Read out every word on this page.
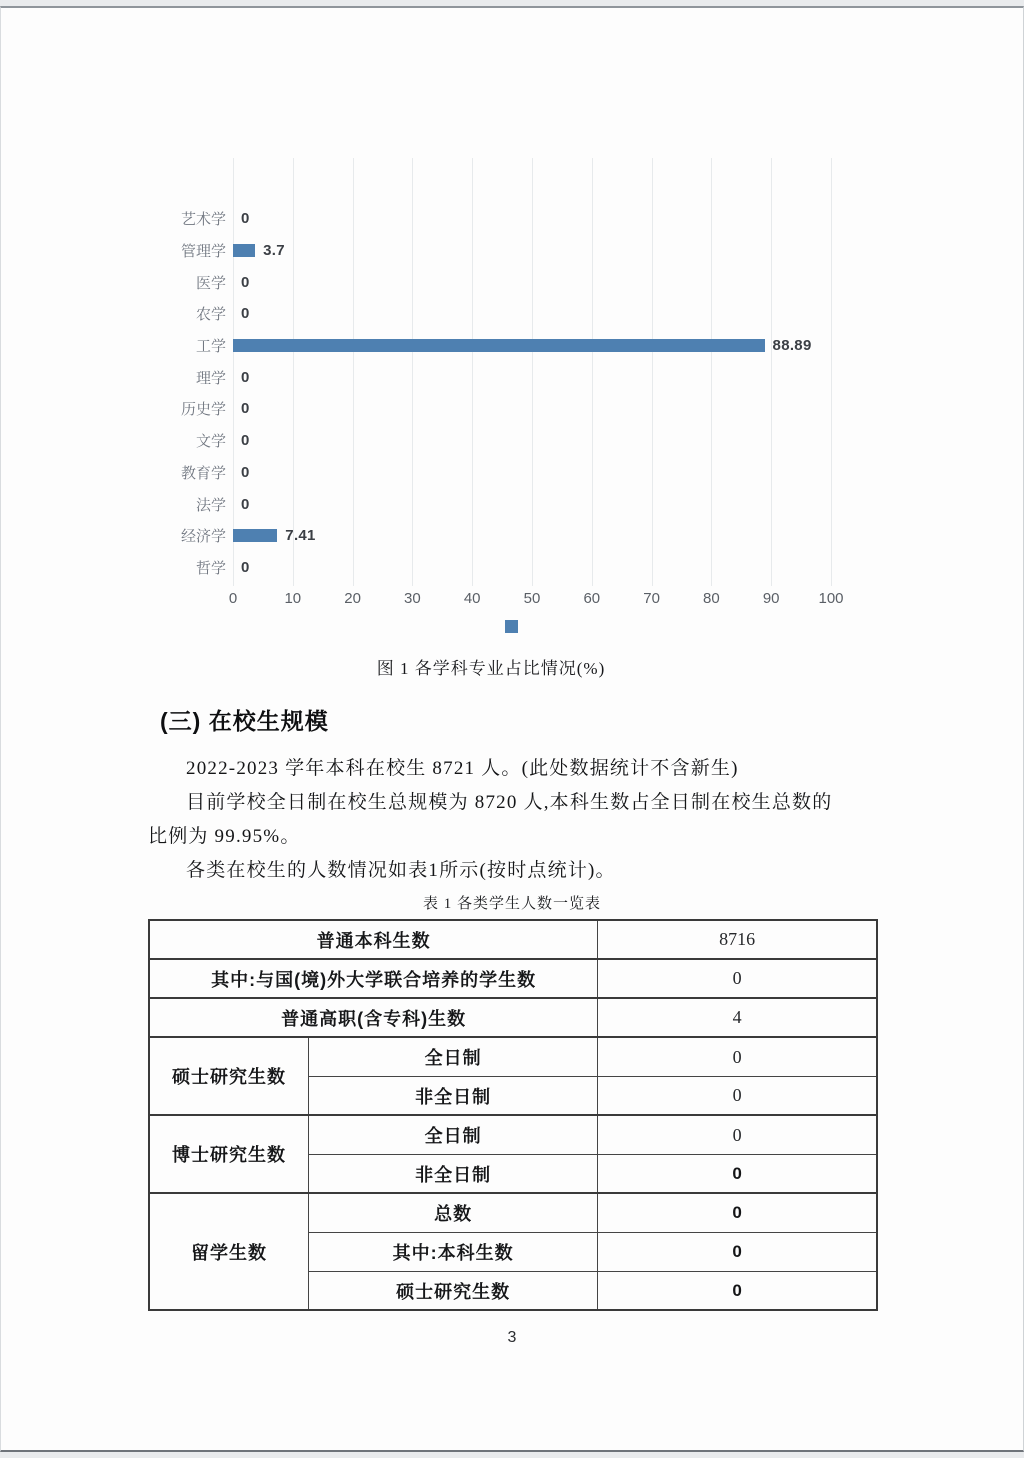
艺术学 0
管理学 3.7
医学 0
农学 0
工学	88.89
理学 0
历史学 0
文学 0
教育学 0
法学 0
经济学	7.41
哲学 0
0	10	20	30	40	50	60	70	80	90	100
图 1 各学科专业占比情况(%)
(三) 在校生规模
2022-2023 学年本科在校生 8721 人。(此处数据统计不含新生)
目前学校全日制在校生总规模为 8720 人,本科生数占全日制在校生总数的
比例为 99.95%。
各类在校生的人数情况如表1所示(按时点统计)。
表 1 各类学生人数一览表
普通本科生数		8716
其中:与国(境)外大学联合培养的学生数		0
普通高职(含专科)生数		4
硕士研究生数	全日制	0
	非全日制	0
博士研究生数	全日制	0
	非全日制	0
留学生数	总数	0
	其中:本科生数	0
	硕士研究生数	0
3
